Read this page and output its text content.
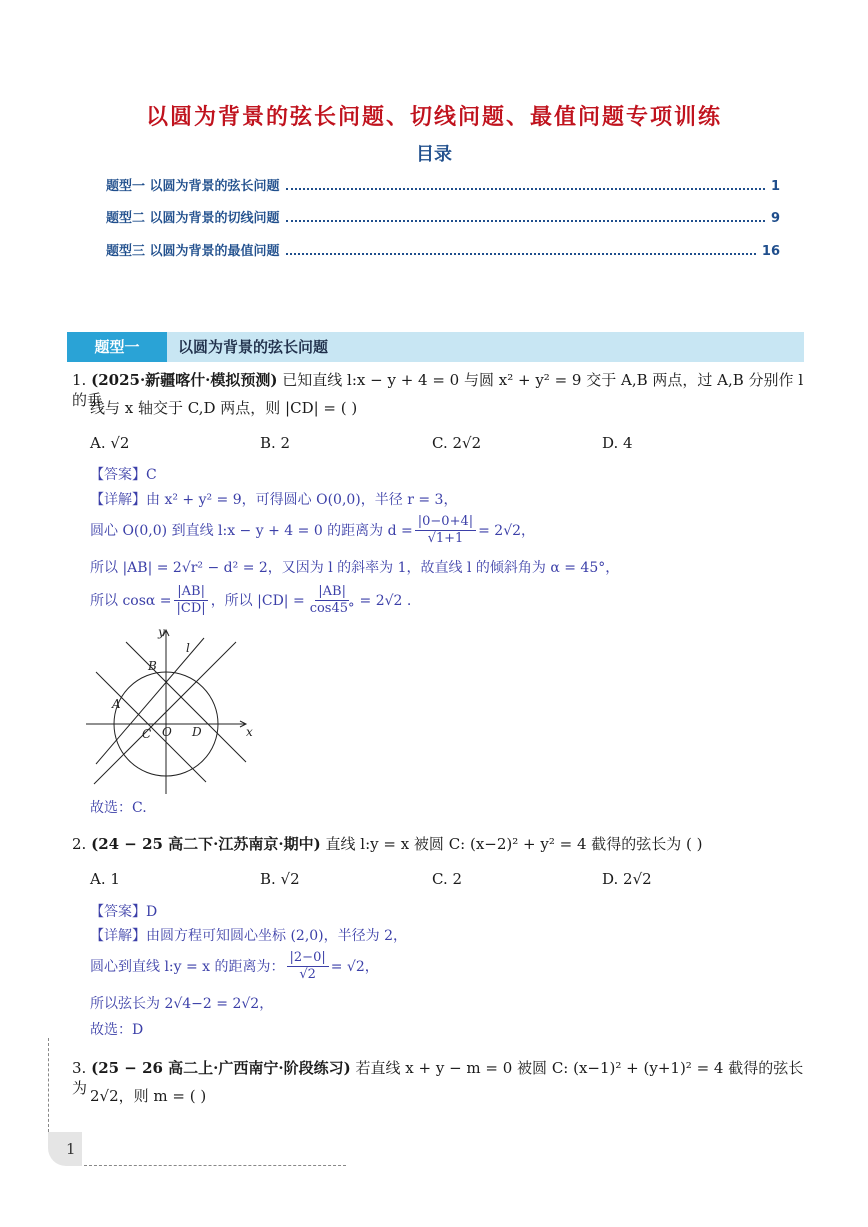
以圆为背景的弦长问题、切线问题、最值问题专项训练
目录
题型一 以圆为背景的弦长问题	1
题型二 以圆为背景的切线问题	9
题型三 以圆为背景的最值问题	16
题型一	以圆为背景的弦长问题
1. (2025·新疆喀什·模拟预测) 已知直线 l:x − y + 4 = 0 与圆 x² + y² = 9 交于 A,B 两点，过 A,B 分别作 l 的垂
线与 x 轴交于 C,D 两点，则 |CD| = ( )
A. √2	B. 2	C. 2√2	D. 4
【答案】C
【详解】由 x² + y² = 9，可得圆心 O(0,0)，半径 r = 3，
圆心 O(0,0) 到直线 l:x − y + 4 = 0 的距离为 $d = \frac{|0-0+4|}{√1+1} = 2√2$，
所以 |AB| = 2√r² − d² = 2，又因为 l 的斜率为 1，故直线 l 的倾斜角为 α = 45°，
所以 $\cos\alpha = \frac{|AB|}{|CD|}$ ，所以 $|CD| = \frac{|AB|}{\cos 45^\circ} = 2√2$ .
y
x
l
A
B
C O D
故选：C.
2. (24 − 25 高二下·江苏南京·期中) 直线 l:y = x 被圆 C: (x−2)² + y² = 4 截得的弦长为 ( )
A. 1	B. √2	C. 2	D. 2√2
【答案】D
【详解】由圆方程可知圆心坐标 (2,0)，半径为 2，
圆心到直线 l:y = x 的距离为： $\frac{|2-0|}{√2} = √2$，
所以弦长为 2√4−2 = 2√2，
故选：D
3. (25 − 26 高二上·广西南宁·阶段练习) 若直线 x + y − m = 0 被圆 C: (x−1)² + (y+1)² = 4 截得的弦长为 2√2，则 m = ( )
1
